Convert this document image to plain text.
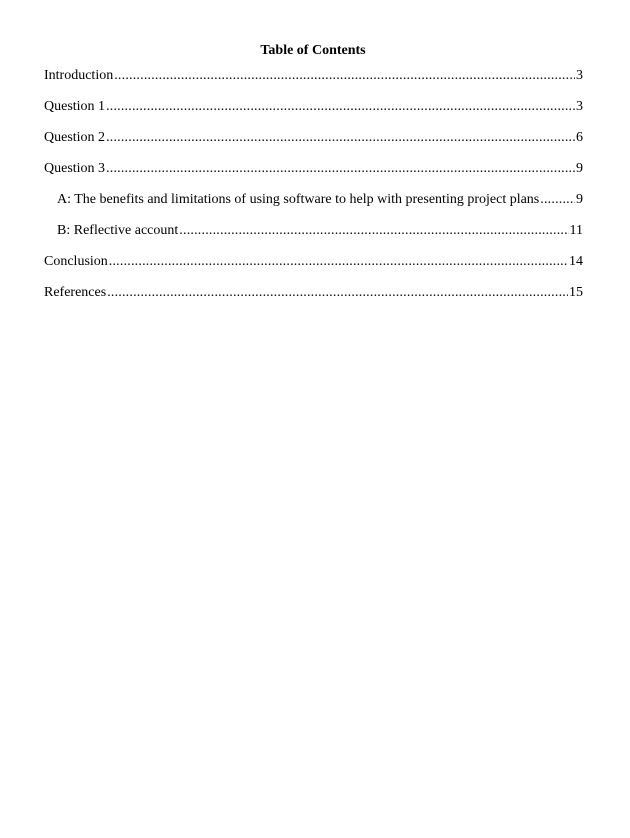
Table of Contents
Introduction .....	3
Question 1 .....	3
Question 2 .....	6
Question 3 .....	9
A: The benefits and limitations of using software to help with presenting project plans .....	9
B: Reflective account .....	11
Conclusion .....	14
References .....	15
